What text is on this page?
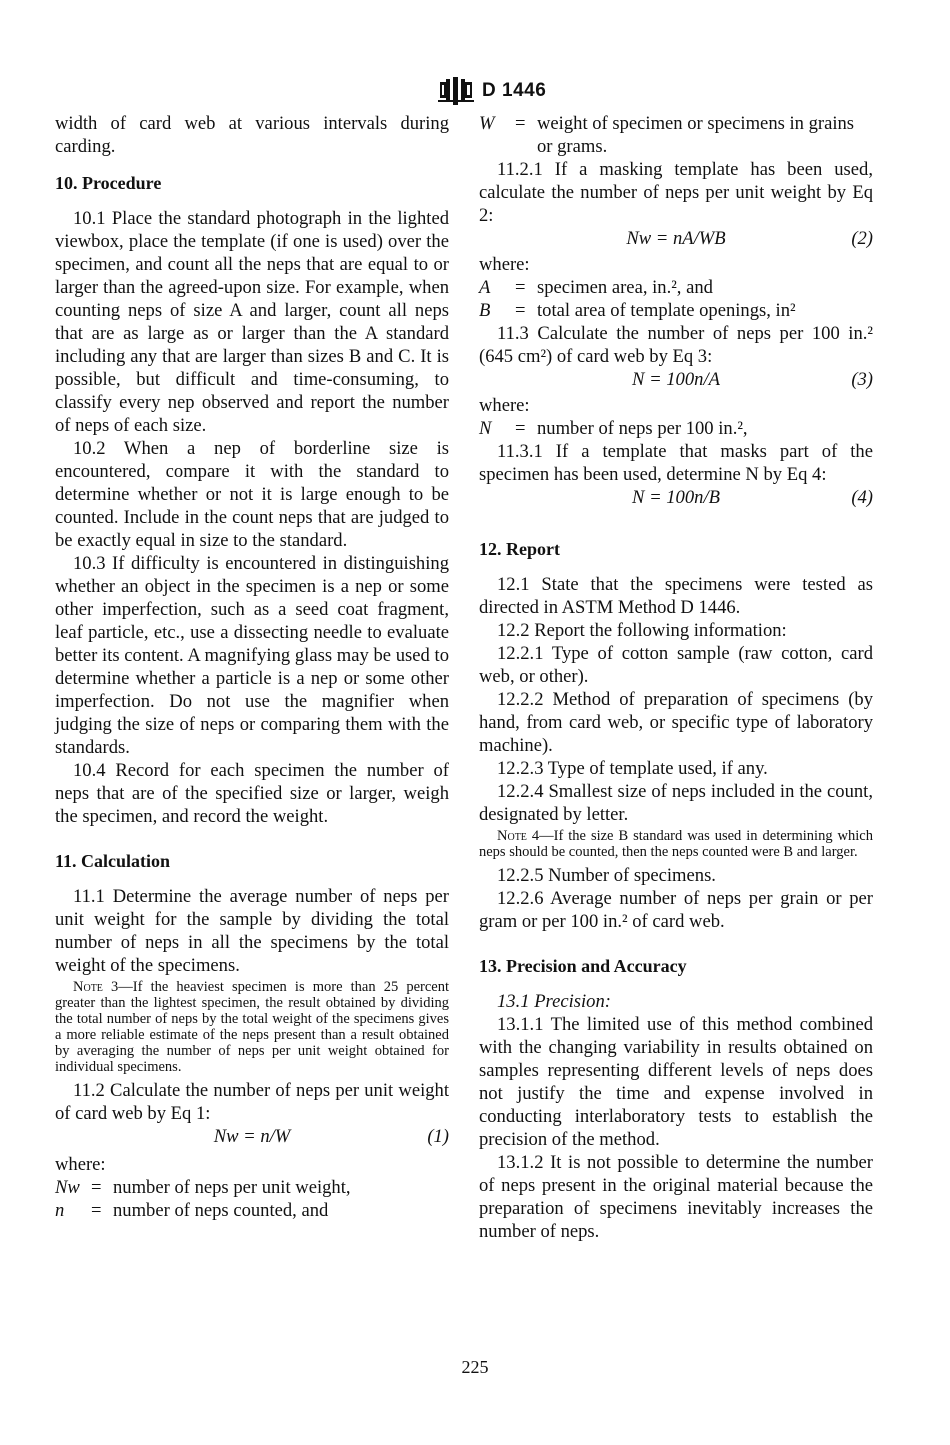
D 1446

width of card web at various intervals during carding.

10. Procedure

10.1 Place the standard photograph in the lighted viewbox, place the template (if one is used) over the specimen, and count all the neps that are equal to or larger than the agreed-upon size. For example, when counting neps of size A and larger, count all neps that are as large as or larger than the A standard including any that are larger than sizes B and C. It is possible, but difficult and time-consuming, to classify every nep observed and report the number of neps of each size.

10.2 When a nep of borderline size is encountered, compare it with the standard to determine whether or not it is large enough to be counted. Include in the count neps that are judged to be exactly equal in size to the standard.

10.3 If difficulty is encountered in distinguishing whether an object in the specimen is a nep or some other imperfection, such as a seed coat fragment, leaf particle, etc., use a dissecting needle to evaluate better its content. A magnifying glass may be used to determine whether a particle is a nep or some other imperfection. Do not use the magnifier when judging the size of neps or comparing them with the standards.

10.4 Record for each specimen the number of neps that are of the specified size or larger, weigh the specimen, and record the weight.

11. Calculation

11.1 Determine the average number of neps per unit weight for the sample by dividing the total number of neps in all the specimens by the total weight of the specimens.

Note 3—If the heaviest specimen is more than 25 percent greater than the lightest specimen, the result obtained by dividing the total number of neps by the total weight of the specimens gives a more reliable estimate of the neps present than a result obtained by averaging the number of neps per unit weight obtained for individual specimens.

11.2 Calculate the number of neps per unit weight of card web by Eq 1:

Nw = n/W	(1)

where:

Nw = number of neps per unit weight,
n	= number of neps counted, and
W	= weight of specimen or specimens in grains or grams.

11.2.1 If a masking template has been used, calculate the number of neps per unit weight by Eq 2:

Nw = nA/WB	(2)

where:

A	= specimen area, in.², and
B	= total area of template openings, in²

11.3 Calculate the number of neps per 100 in.² (645 cm²) of card web by Eq 3:

N = 100n/A	(3)

where:

N	= number of neps per 100 in.²,

11.3.1 If a template that masks part of the specimen has been used, determine N by Eq 4:

N = 100n/B	(4)
12. Report

12.1 State that the specimens were tested as directed in ASTM Method D 1446.

12.2 Report the following information:

12.2.1 Type of cotton sample (raw cotton, card web, or other).

12.2.2 Method of preparation of specimens (by hand, from card web, or specific type of laboratory machine).

12.2.3 Type of template used, if any.

12.2.4 Smallest size of neps included in the count, designated by letter.

Note 4—If the size B standard was used in determining which neps should be counted, then the neps counted were B and larger.

12.2.5 Number of specimens.

12.2.6 Average number of neps per grain or per gram or per 100 in.² of card web.

13. Precision and Accuracy

13.1 Precision:

13.1.1 The limited use of this method combined with the changing variability in results obtained on samples representing different levels of neps does not justify the time and expense involved in conducting interlaboratory tests to establish the precision of the method.

13.1.2 It is not possible to determine the number of neps present in the original material because the preparation of specimens inevitably increases the number of neps.

225
